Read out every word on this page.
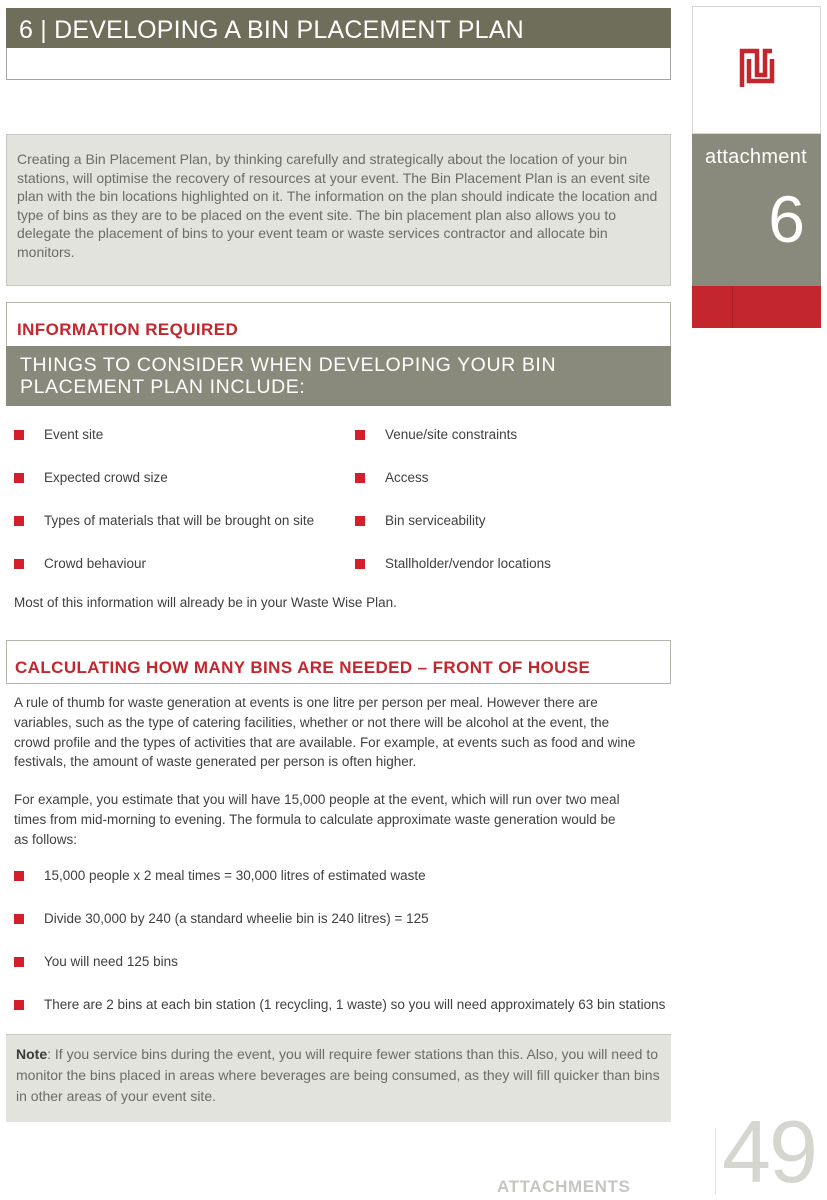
6 | DEVELOPING A BIN PLACEMENT PLAN
attachment
6

Creating a Bin Placement Plan, by thinking carefully and strategically about the location of your bin stations, will optimise the recovery of resources at your event. The Bin Placement Plan is an event site plan with the bin locations highlighted on it. The information on the plan should indicate the location and type of bins as they are to be placed on the event site. The bin placement plan also allows you to delegate the placement of bins to your event team or waste services contractor and allocate bin monitors.

INFORMATION REQUIRED
THINGS TO CONSIDER WHEN DEVELOPING YOUR BIN
PLACEMENT PLAN INCLUDE:
Event site
Expected crowd size
Types of materials that will be brought on site
Crowd behaviour
Venue/site constraints
Access
Bin serviceability
Stallholder/vendor locations
Most of this information will already be in your Waste Wise Plan.
CALCULATING HOW MANY BINS ARE NEEDED – FRONT OF HOUSE
A rule of thumb for waste generation at events is one litre per person per meal. However there are
variables, such as the type of catering facilities, whether or not there will be alcohol at the event, the
crowd profile and the types of activities that are available. For example, at events such as food and wine
festivals, the amount of waste generated per person is often higher.
For example, you estimate that you will have 15,000 people at the event, which will run over two meal
times from mid-morning to evening. The formula to calculate approximate waste generation would be
as follows:
15,000 people x 2 meal times = 30,000 litres of estimated waste
Divide 30,000 by 240 (a standard wheelie bin is 240 litres) = 125
You will need 125 bins
There are 2 bins at each bin station (1 recycling, 1 waste) so you will need approximately 63 bin stations

Note: If you service bins during the event, you will require fewer stations than this. Also, you will need to monitor the bins placed in areas where beverages are being consumed, as they will fill quicker than bins in other areas of your event site.

ATTACHMENTS 49
